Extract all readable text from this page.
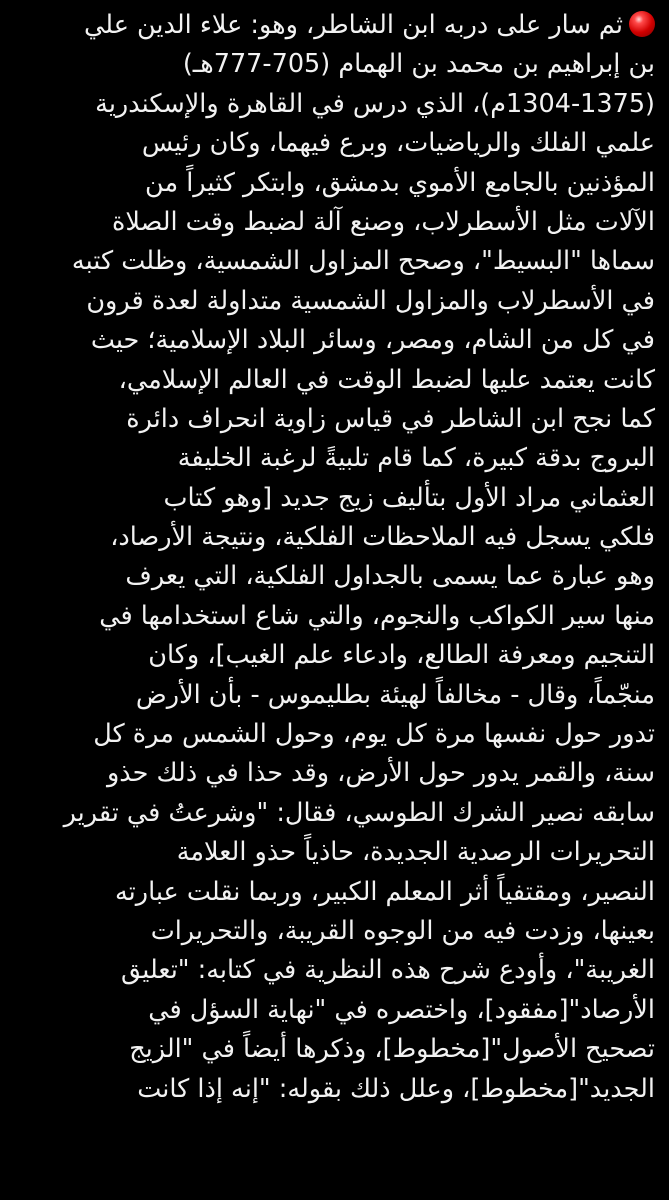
ثم سار على دربه ابن الشاطر، وهو: علاء الدين علي
بن إبراهيم بن محمد بن الهمام (705-777هـ)
(1304-1375م)، الذي درس في القاهرة والإسكندرية
علمي الفلك والرياضيات، وبرع فيهما، وكان رئيس
المؤذنين بالجامع الأموي بدمشق، وابتكر كثيراً من
الآلات مثل الأسطرلاب، وصنع آلة لضبط وقت الصلاة
سماها "البسيط"، وصحح المزاول الشمسية، وظلت كتبه
في الأسطرلاب والمزاول الشمسية متداولة لعدة قرون
في كل من الشام، ومصر، وسائر البلاد الإسلامية؛ حيث
كانت يعتمد عليها لضبط الوقت في العالم الإسلامي،
كما نجح ابن الشاطر في قياس زاوية انحراف دائرة
البروج بدقة كبيرة، كما قام تلبيةً لرغبة الخليفة
العثماني مراد الأول بتأليف زيج جديد [وهو كتاب
فلكي يسجل فيه الملاحظات الفلكية، ونتيجة الأرصاد،
وهو عبارة عما يسمى بالجداول الفلكية، التي يعرف
منها سير الكواكب والنجوم، والتي شاع استخدامها في
التنجيم ومعرفة الطالع، وادعاء علم الغيب]، وكان
منجّماً، وقال - مخالفاً لهيئة بطليموس - بأن الأرض
تدور حول نفسها مرة كل يوم، وحول الشمس مرة كل
سنة، والقمر يدور حول الأرض، وقد حذا في ذلك حذو
سابقه نصير الشرك الطوسي، فقال: "وشرعتُ في تقرير
التحريرات الرصدية الجديدة، حاذياً حذو العلامة
النصير، ومقتفياً أثر المعلم الكبير، وربما نقلت عبارته
بعينها، وزدت فيه من الوجوه القريبة، والتحريرات
الغريبة"، وأودع شرح هذه النظرية في كتابه: "تعليق
الأرصاد"[مفقود]، واختصره في "نهاية السؤل في
تصحيح الأصول"[مخطوط]، وذكرها أيضاً في "الزيج
الجديد"[مخطوط]، وعلل ذلك بقوله: "إنه إذا كانت
